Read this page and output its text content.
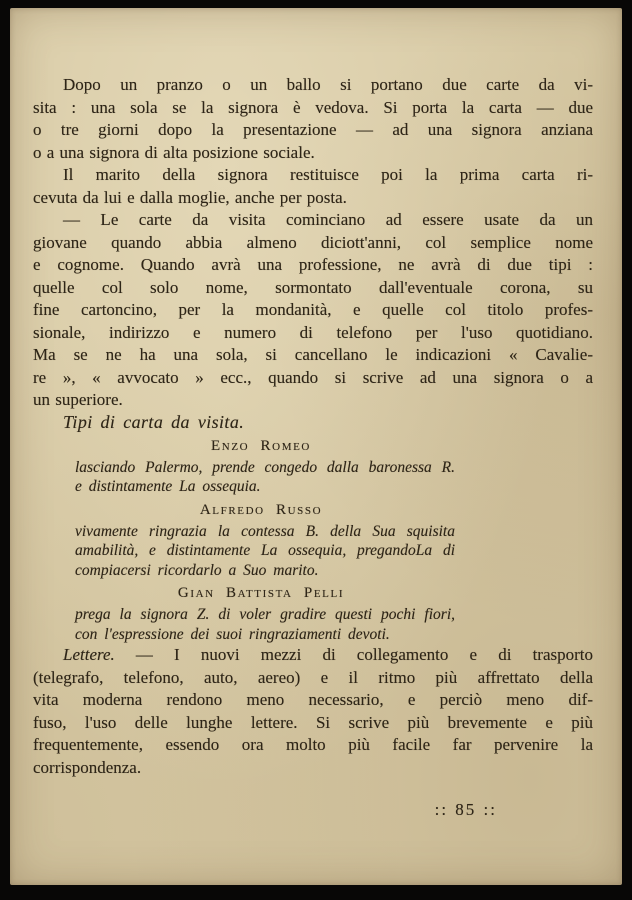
Dopo un pranzo o un ballo si portano due carte da vi-
sita : una sola se la signora è vedova. Si porta la carta — due
o tre giorni dopo la presentazione — ad una signora anziana
o a una signora di alta posizione sociale.
Il marito della signora restituisce poi la prima carta ri-
cevuta da lui e dalla moglie, anche per posta.
— Le carte da visita cominciano ad essere usate da un
giovane quando abbia almeno diciott'anni, col semplice nome
e cognome. Quando avrà una professione, ne avrà di due tipi :
quelle col solo nome, sormontato dall'eventuale corona, su
fine cartoncino, per la mondanità, e quelle col titolo profes-
sionale, indirizzo e numero di telefono per l'uso quotidiano.
Ma se ne ha una sola, si cancellano le indicazioni « Cavalie-
re », « avvocato » ecc., quando si scrive ad una signora o a
un superiore.
Tipi di carta da visita.
Enzo Romeo
lasciando Palermo, prende congedo dalla baronessa R.
e distintamente La ossequia.
Alfredo Russo
vivamente ringrazia la contessa B. della Sua squisita
amabilità, e distintamente La ossequia, pregandoLa di
compiacersi ricordarlo a Suo marito.
Gian Battista Pelli
prega la signora Z. di voler gradire questi pochi fiori,
con l'espressione dei suoi ringraziamenti devoti.
Lettere. — I nuovi mezzi di collegamento e di trasporto
(telegrafo, telefono, auto, aereo) e il ritmo più affrettato della
vita moderna rendono meno necessario, e perciò meno dif-
fuso, l'uso delle lunghe lettere. Si scrive più brevemente e più
frequentemente, essendo ora molto più facile far pervenire la
corrispondenza.
:: 85 ::
